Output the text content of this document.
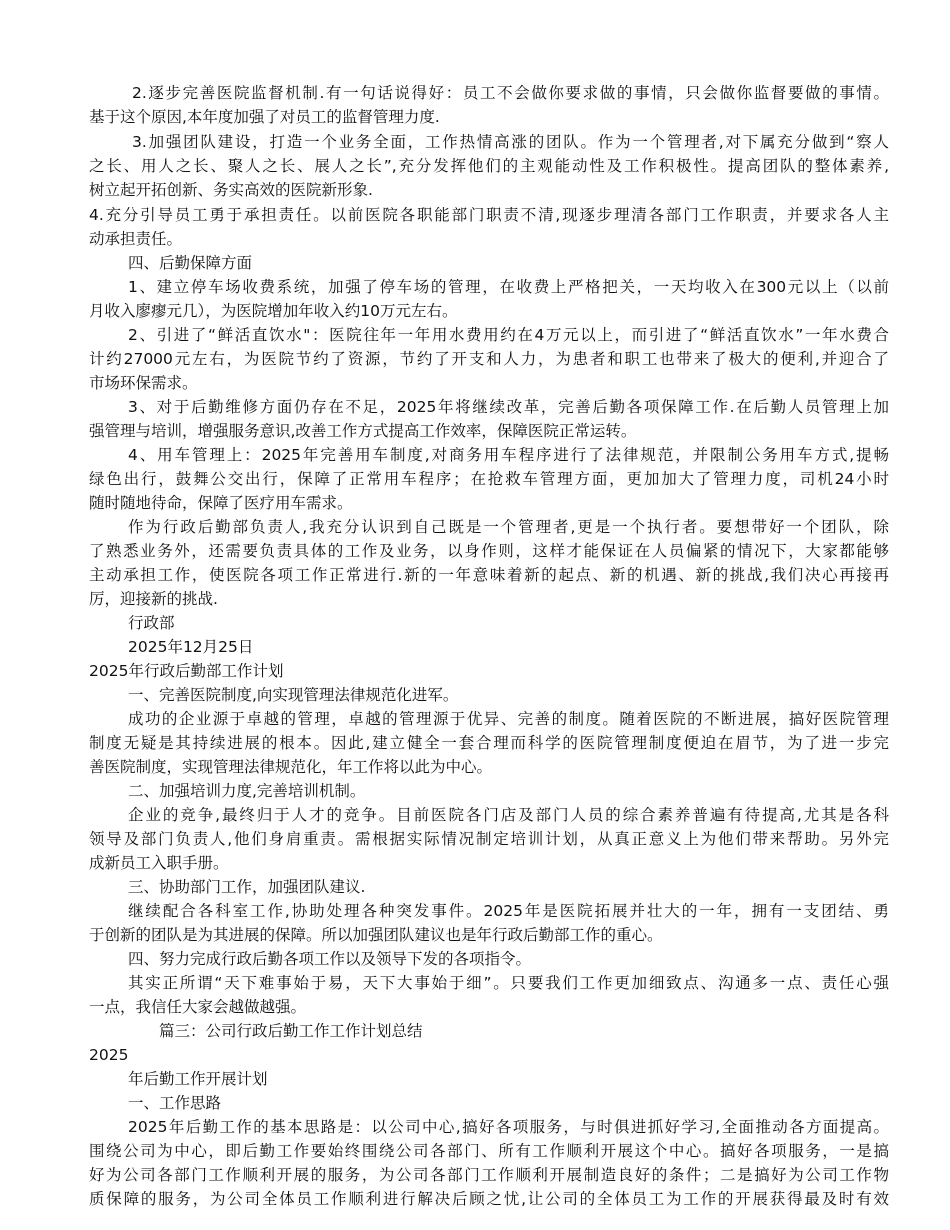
2.逐步完善医院监督机制.有一句话说得好：员工不会做你要求做的事情，只会做你监督要做的事情。
基于这个原因,本年度加强了对员工的监督管理力度.
3.加强团队建设，打造一个业务全面，工作热情高涨的团队。作为一个管理者,对下属充分做到“察人
之长、用人之长、聚人之长、展人之长”,充分发挥他们的主观能动性及工作积极性。提高团队的整体素养,
树立起开拓创新、务实高效的医院新形象.
4.充分引导员工勇于承担责任。以前医院各职能部门职责不清,现逐步理清各部门工作职责，并要求各人主
动承担责任。
四、后勤保障方面
1、建立停车场收费系统，加强了停车场的管理，在收费上严格把关，一天均收入在300元以上（以前
月收入廖瘳元几），为医院增加年收入约10万元左右。
2、引进了“鲜活直饮水"：医院往年一年用水费用约在4万元以上，而引进了“鲜活直饮水”一年水费合
计约27000元左右，为医院节约了资源，节约了开支和人力，为患者和职工也带来了极大的便利,并迎合了
市场环保需求。
3、对于后勤维修方面仍存在不足，2025年将继续改革，完善后勤各项保障工作.在后勤人员管理上加
强管理与培训，增强服务意识,改善工作方式提高工作效率，保障医院正常运转。
4、用车管理上：2025年完善用车制度,对商务用车程序进行了法律规范，并限制公务用车方式,提畅
绿色出行，鼓舞公交出行，保障了正常用车程序；在抢救车管理方面，更加加大了管理力度，司机24小时
随时随地待命，保障了医疗用车需求。
作为行政后勤部负责人,我充分认识到自己既是一个管理者,更是一个执行者。要想带好一个团队，除
了熟悉业务外，还需要负责具体的工作及业务，以身作则，这样才能保证在人员偏紧的情况下，大家都能够
主动承担工作，使医院各项工作正常进行.新的一年意味着新的起点、新的机遇、新的挑战,我们决心再接再
厉，迎接新的挑战.
行政部
2025年12月25日
2025年行政后勤部工作计划
一、完善医院制度,向实现管理法律规范化进军。
成功的企业源于卓越的管理，卓越的管理源于优异、完善的制度。随着医院的不断进展，搞好医院管理
制度无疑是其持续进展的根本。因此,建立健全一套合理而科学的医院管理制度便迫在眉节，为了进一步完
善医院制度，实现管理法律规范化，年工作将以此为中心。
二、加强培训力度,完善培训机制。
企业的竞争,最终归于人才的竞争。目前医院各门店及部门人员的综合素养普遍有待提高,尤其是各科
领导及部门负责人,他们身肩重责。需根据实际情况制定培训计划，从真正意义上为他们带来帮助。另外完
成新员工入职手册。
三、协助部门工作，加强团队建议.
继续配合各科室工作,协助处理各种突发事件。2025年是医院拓展并壮大的一年，拥有一支团结、勇
于创新的团队是为其进展的保障。所以加强团队建议也是年行政后勤部工作的重心。
四、努力完成行政后勤各项工作以及领导下发的各项指令。
其实正所谓“天下难事始于易，天下大事始于细”。只要我们工作更加细致点、沟通多一点、责任心强
一点，我信任大家会越做越强。
篇三：公司行政后勤工作工作计划总结
2025
年后勤工作开展计划
一、工作思路
2025年后勤工作的基本思路是：以公司中心,搞好各项服务，与时俱进抓好学习,全面推动各方面提高。
围绕公司为中心，即后勤工作要始终围绕公司各部门、所有工作顺利开展这个中心。搞好各项服务，一是搞
好为公司各部门工作顺利开展的服务，为公司各部门工作顺利开展制造良好的条件；二是搞好为公司工作物
质保障的服务，为公司全体员工作顺利进行解决后顾之忧,让公司的全体员工为工作的开展获得最及时有效
